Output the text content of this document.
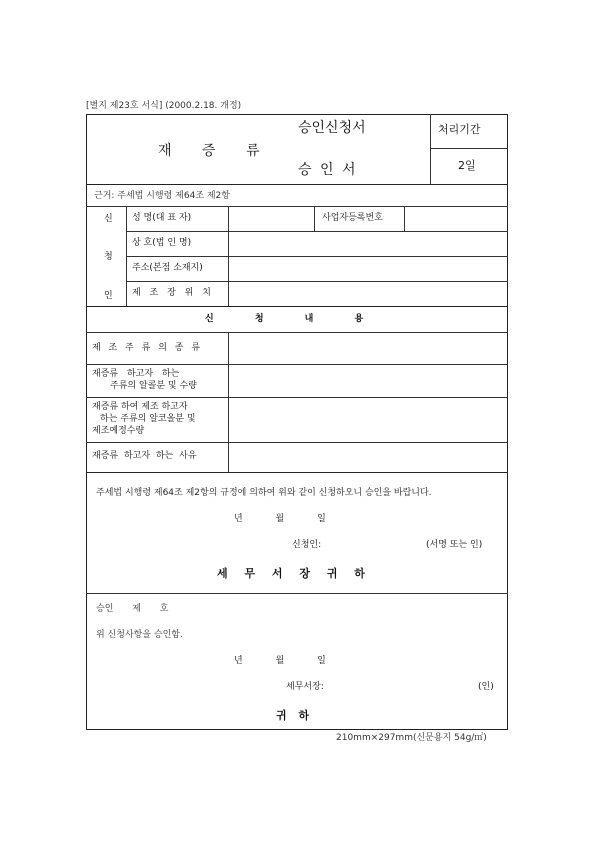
[별지 제23호 서식] (2000.2.18. 개정)
재 증 류
승인신청서
승 인 서
처리기간
2일
근거: 주세법 시행령 제64조 제2항
신
청
인
성 명(대 표 자)	사업자등록번호
상 호(법 인 명)
주소(본점 소재지)
제 조 장 위 치
신 청 내 용
제 조 주 류 의 종 류
재증류 하고자 하는
주류의 알콜분 및 수량
재증류 하여 제조 하고자
하는 주류의 알코올분 및
제조예정수량
재증류 하고자 하는 사유
주세법 시행령 제64조 제2항의 규정에 의하여 위와 같이 신청하오니 승인을 바랍니다.
년 월 일
신청인:	(서명 또는 인)
세 무 서 장 귀 하
승인 제 호
위 신청사항을 승인함.
년 월 일
세무서장:	(인)
귀 하
210mm×297mm(신문용지 54g/㎡)
